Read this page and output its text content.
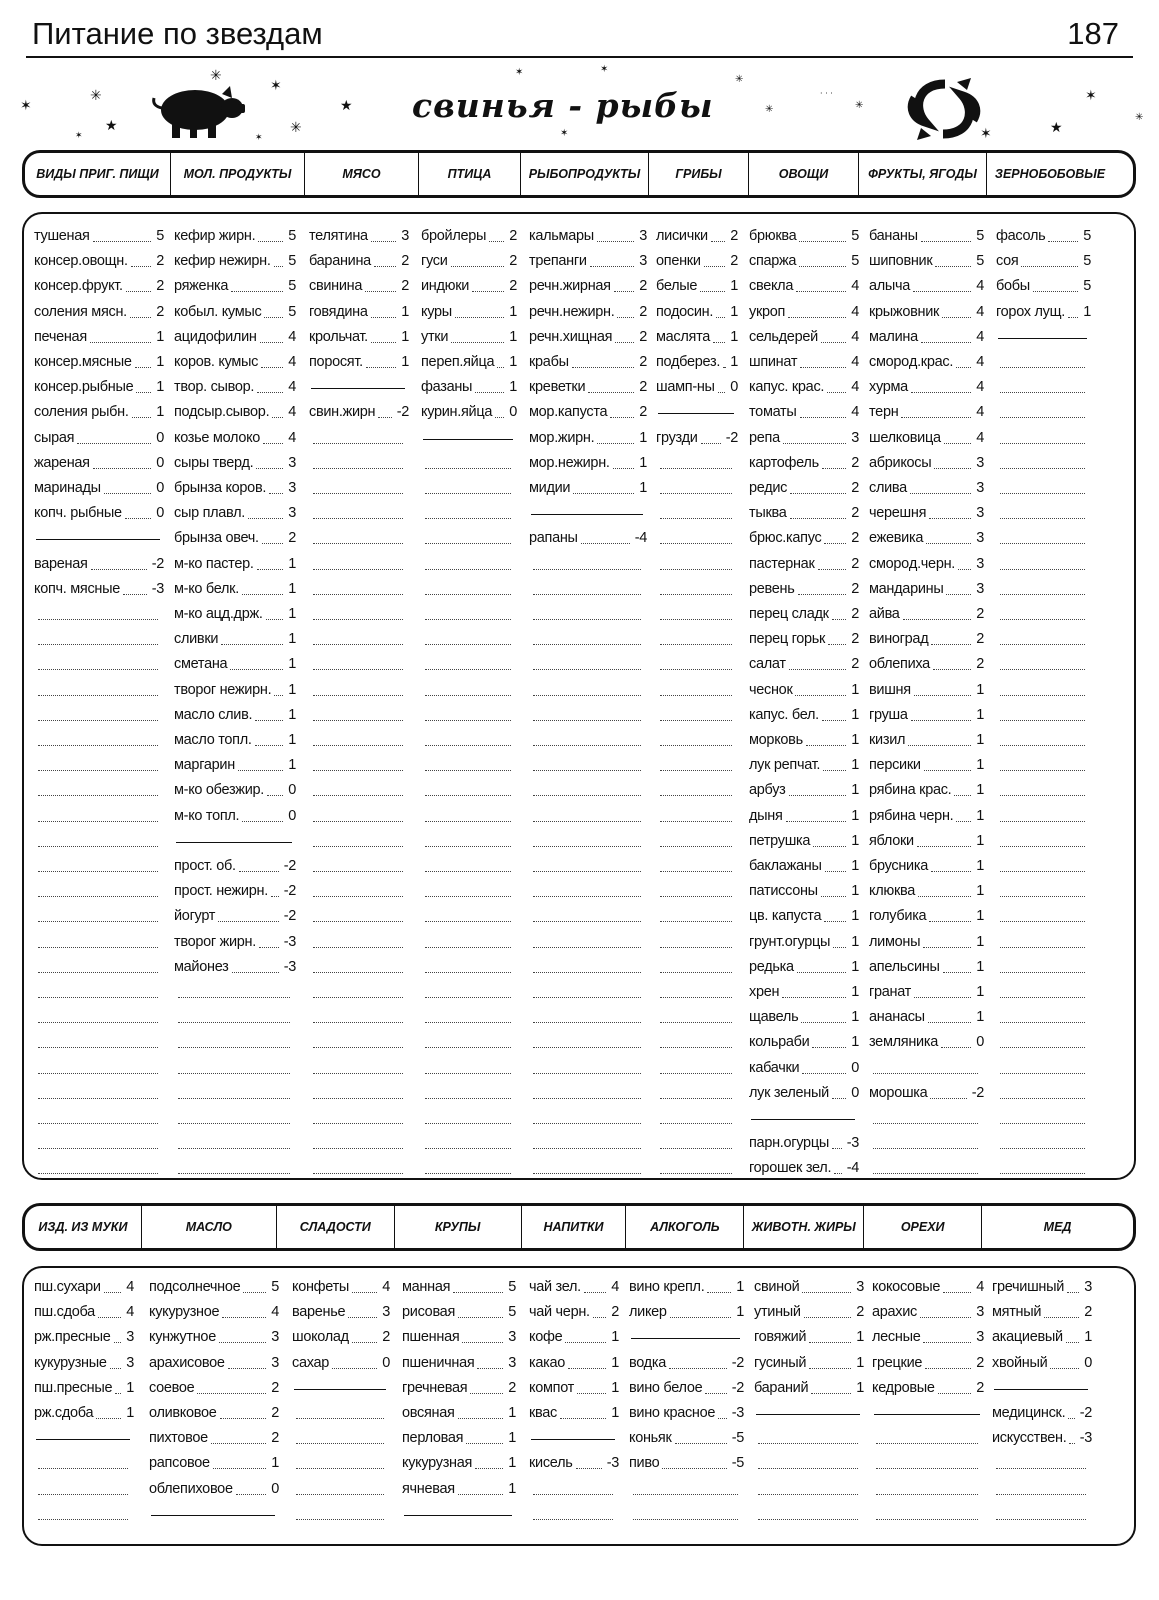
Питание по звездам	187
✶
✳
★
✶
✳
✶
✳
✶
★
✶	✶
✶
✳
✳	✳
✶	★
✶
✳
· · ·
свинья - рыбы
ВИДЫ ПРИГ. ПИЩИ	МОЛ. ПРОДУКТЫ	МЯСО	ПТИЦА	РЫБОПРОДУКТЫ	ГРИБЫ	ОВОЩИ	ФРУКТЫ, ЯГОДЫ	ЗЕРНОБОБОВЫЕ
тушеная	5
консер.овощн. 2
консер.фрукт. 2
соления мясн. 2
печеная	1
консер.мясные 1
консер.рыбные 1
соления рыбн. 1
сырая	0
жареная	0
маринады	0
копч. рыбные 0
вареная	-2
копч. мясные -3
кефир жирн. 5
кефир нежирн. 5
ряженка	5
кобыл. кумыс 5
ацидофилин 4
коров. кумыс 4
твор. сывор. 4
подсыр.сывор. 4
козье молоко 4
сыры тверд. 3
брынза коров. 3
сыр плавл.	3
брынза овеч. 2
м-ко пастер. 1
м-ко белк.	1
м-ко ацд.држ. 1
сливки	1
сметана	1
творог нежирн. 1
масло слив. 1
масло топл.	1
маргарин	1
м-ко обезжир. 0
м-ко топл.	0
прост. об.	-2
прост. нежирн. -2
йогурт	-2
творог жирн. -3
майонез	-3
телятина 3
баранина 2
свинина	2
говядина 1
крольчат. 1
поросят.	1
свин.жирн -2
бройлеры 2
гуси	2
индюки	2
куры	1
утки	1
переп.яйца 1
фазаны	1
курин.яйца 0
кальмары	3
трепанги	3
речн.жирная 2
речн.нежирн. 2
речн.хищная 2
крабы	2
креветки	2
мор.капуста 2
мор.жирн.	1
мор.нежирн. 1
мидии	1
рапаны	-4
лисички 2
опенки 2
белые 1
подосин. 1
маслята 1
подберез. 1
шамп-ны 0
грузди -2
брюква	5
спаржа	5
свекла	4
укроп	4
сельдерей 4
шпинат	4
капус. крас. 4
томаты	4
репа	3
картофель 2
редис	2
тыква	2
брюс.капус 2
пастернак	2
ревень	2
перец сладк 2
перец горьк 2
салат	2
чеснок	1
капус. бел. 1
морковь	1
лук репчат. 1
арбуз	1
дыня	1
петрушка	1
баклажаны 1
патиссоны 1
цв. капуста 1
грунт.огурцы 1
редька	1
хрен	1
щавель	1
кольраби	1
кабачки	0
лук зеленый 0
парн.огурцы -3
горошек зел. -4
бананы	5
шиповник	5
алыча	4
крыжовник	4
малина	4
сморoд.крас. 4
хурма	4
терн	4
шелковица 4
абрикосы	3
слива	3
черешня	3
ежевика	3
сморoд.черн. 3
мандарины 3
айва	2
виноград	2
облепиха	2
вишня	1
груша	1
кизил	1
персики	1
рябина крас. 1
рябина черн. 1
яблоки	1
брусника	1
клюква	1
голубика	1
лимоны	1
апельсины	1
гранат	1
ананасы	1
земляника	0
морошка	-2
фасоль	5
соя	5
бобы	5
горох лущ. 1
ИЗД. ИЗ МУКИ	МАСЛО	СЛАДОСТИ	КРУПЫ	НАПИТКИ	АЛКОГОЛЬ	ЖИВОТН. ЖИРЫ	ОРЕХИ	МЕД
пш.сухари 4
пш.сдоба 4
рж.пресные 3
кукурузные 3
пш.пресные 1
рж.сдоба 1
подсолнечное 5
кукурузное	4
кунжутное	3
арахисовое	3
соевое	2
оливковое	2
пихтовое	2
рапсовое	1
облепиховое	0
конфеты 4
варенье	3
шоколад 2
сахар	0
манная	5
рисовая	5
пшенная	3
пшеничная 3
гречневая	2
овсяная	1
перловая	1
кукурузная 1
ячневая	1
чай зел. 4
чай черн. 2
кофе	1
какао	1
компот	1
квас	1
кисель -3
вино крепл. 1
ликер	1
водка	-2
вино белое -2
вино красное -3
коньяк	-5
пиво	-5
свиной	3
утиный	2
говяжий	1
гусиный	1
бараний	1
кокосовые 4
арахис	3
лесные	3
грецкие	2
кедровые	2
гречишный 3
мятный	2
акациевый 1
хвойный	0
медицинск. -2
искусствен. -3
